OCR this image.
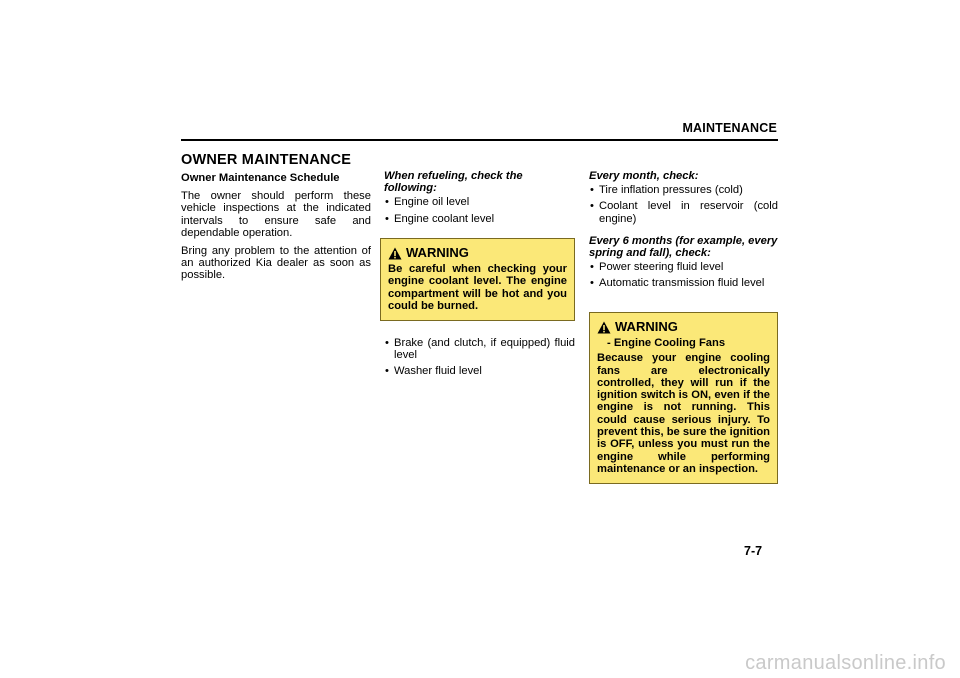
MAINTENANCE
OWNER MAINTENANCE
Owner Maintenance Schedule

The owner should perform these vehicle inspections at the indicated intervals to ensure safe and dependable operation.

Bring any problem to the attention of an authorized Kia dealer as soon as possible.

When refueling, check the following:
• Engine oil level
• Engine coolant level
WARNING
Be careful when checking your engine coolant level. The engine compartment will be hot and you could be burned.
• Brake (and clutch, if equipped) fluid level
• Washer fluid level
Every month, check:
• Tire inflation pressures (cold)
• Coolant level in reservoir (cold engine)
Every 6 months (for example, every spring and fall), check:
• Power steering fluid level
• Automatic transmission fluid level
WARNING
- Engine Cooling Fans
Because your engine cooling fans are electronically controlled, they will run if the ignition switch is ON, even if the engine is not running. This could cause serious injury. To prevent this, be sure the ignition is OFF, unless you must run the engine while performing maintenance or an inspection.
7-7
carmanualsonline.info
